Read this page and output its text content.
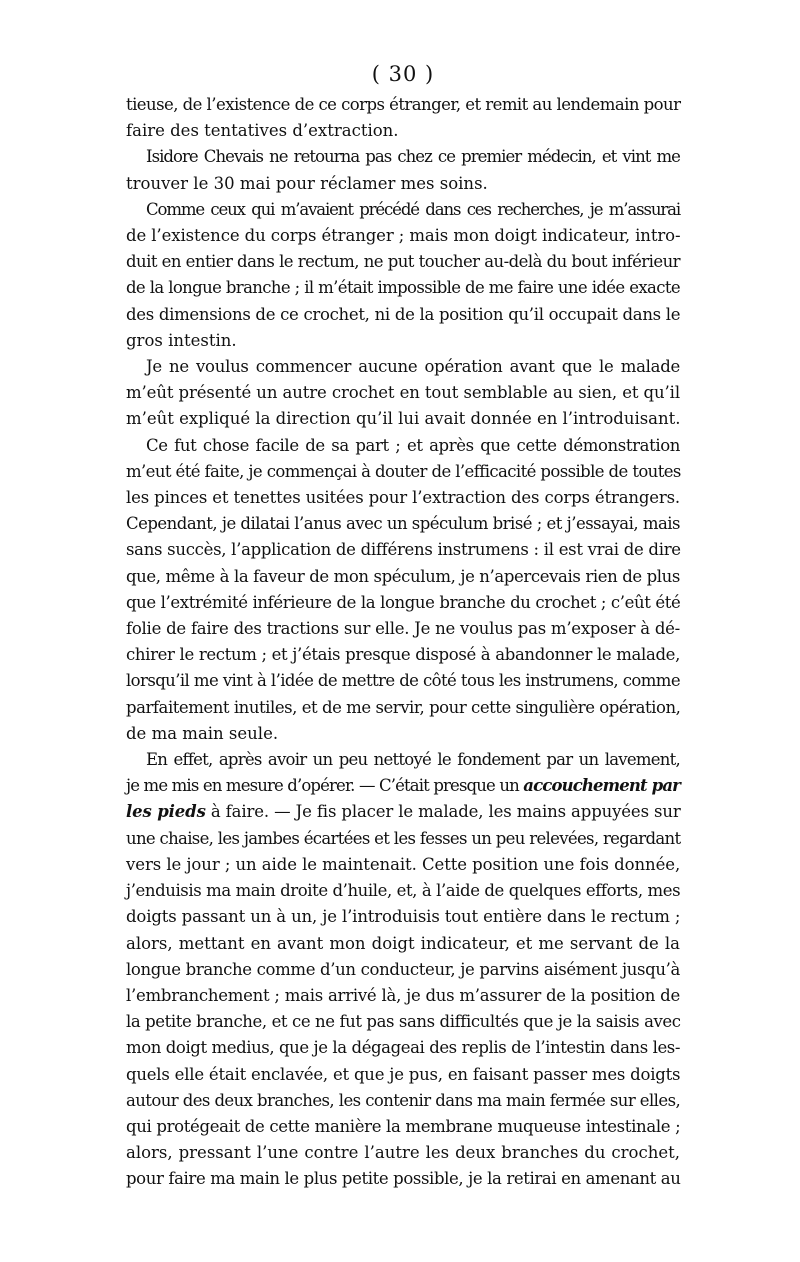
( 30 )

tieuse, de l’existence de ce corps étranger, et remit au lendemain pour
faire des tentatives d’extraction.

Isidore Chevais ne retourna pas chez ce premier médecin, et vint me
trouver le 30 mai pour réclamer mes soins.

Comme ceux qui m’avaient précédé dans ces recherches, je m’assurai
de l’existence du corps étranger ; mais mon doigt indicateur, intro-
duit en entier dans le rectum, ne put toucher au-delà du bout inférieur
de la longue branche ; il m’était impossible de me faire une idée exacte
des dimensions de ce crochet, ni de la position qu’il occupait dans le
gros intestin.

Je ne voulus commencer aucune opération avant que le malade
m’eût présenté un autre crochet en tout semblable au sien, et qu’il
m’eût expliqué la direction qu’il lui avait donnée en l’introduisant.

Ce fut chose facile de sa part ; et après que cette démonstration
m’eut été faite, je commençai à douter de l’efficacité possible de toutes
les pinces et tenettes usitées pour l’extraction des corps étrangers.
Cependant, je dilatai l’anus avec un spéculum brisé ; et j’essayai, mais
sans succès, l’application de différens instrumens : il est vrai de dire
que, même à la faveur de mon spéculum, je n’apercevais rien de plus
que l’extrémité inférieure de la longue branche du crochet ; c’eût été
folie de faire des tractions sur elle. Je ne voulus pas m’exposer à dé-
chirer le rectum ; et j’étais presque disposé à abandonner le malade,
lorsqu’il me vint à l’idée de mettre de côté tous les instrumens, comme
parfaitement inutiles, et de me servir, pour cette singulière opération,
de ma main seule.

En effet, après avoir un peu nettoyé le fondement par un lavement,
je me mis en mesure d’opérer. — C’était presque un accouchement par
les pieds à faire. — Je fis placer le malade, les mains appuyées sur
une chaise, les jambes écartées et les fesses un peu relevées, regardant
vers le jour ; un aide le maintenait. Cette position une fois donnée,
j’enduisis ma main droite d’huile, et, à l’aide de quelques efforts, mes
doigts passant un à un, je l’introduisis tout entière dans le rectum ;
alors, mettant en avant mon doigt indicateur, et me servant de la
longue branche comme d’un conducteur, je parvins aisément jusqu’à
l’embranchement ; mais arrivé là, je dus m’assurer de la position de
la petite branche, et ce ne fut pas sans difficultés que je la saisis avec
mon doigt medius, que je la dégageai des replis de l’intestin dans les-
quels elle était enclavée, et que je pus, en faisant passer mes doigts
autour des deux branches, les contenir dans ma main fermée sur elles,
qui protégeait de cette manière la membrane muqueuse intestinale ;
alors, pressant l’une contre l’autre les deux branches du crochet,
pour faire ma main le plus petite possible, je la retirai en amenant au
